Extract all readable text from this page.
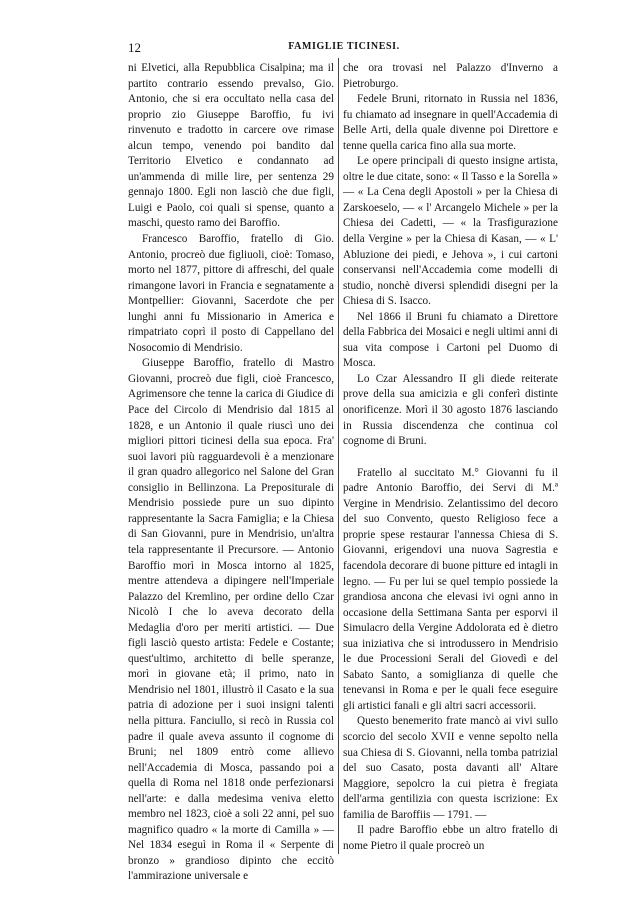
12	FAMIGLIE TICINESI.

ni Elvetici, alla Repubblica Cisalpina; ma il partito contrario essendo prevalso, Gio. Antonio, che si era occultato nella casa del proprio zio Giuseppe Baroffio, fu ivi rinvenuto e tradotto in carcere ove rimase alcun tempo, venendo poi bandito dal Territorio Elvetico e condannato ad un'ammenda di mille lire, per sentenza 29 gennajo 1800. Egli non lasciò che due figli, Luigi e Paolo, coi quali si spense, quanto a maschi, questo ramo dei Baroffio.

Francesco Baroffio, fratello di Gio. Antonio, procreò due figliuoli, cioè: Tomaso, morto nel 1877, pittore di affreschi, del quale rimangone lavori in Francia e segnatamente a Montpellier: Giovanni, Sacerdote che per lunghi anni fu Missionario in America e rimpatriato coprì il posto di Cappellano del Nosocomio di Mendrisio.

Giuseppe Baroffio, fratello di Mastro Giovanni, procreò due figli, cioè Francesco, Agrimensore che tenne la carica di Giudice di Pace del Circolo di Mendrisio dal 1815 al 1828, e un Antonio il quale riuscì uno dei migliori pittori ticinesi della sua epoca. Fra' suoi lavori più ragguardevoli è a menzionare il gran quadro allegorico nel Salone del Gran consiglio in Bellinzona. La Prepositurale di Mendrisio possiede pure un suo dipinto rappresentante la Sacra Famiglia; e la Chiesa di San Giovanni, pure in Mendrisio, un'altra tela rappresentante il Precursore. — Antonio Baroffio morì in Mosca intorno al 1825, mentre attendeva a dipingere nell'Imperiale Palazzo del Kremlino, per ordine dello Czar Nicolò I che lo aveva decorato della Medaglia d'oro per meriti artistici. — Due figli lasciò questo artista: Fedele e Costante; quest'ultimo, architetto di belle speranze, morì in giovane età; il primo, nato in Mendrisio nel 1801, illustrò il Casato e la sua patria di adozione per i suoi insigni talenti nella pittura. Fanciullo, si recò in Russia col padre il quale aveva assunto il cognome di Bruni; nel 1809 entrò come allievo nell'Accademia di Mosca, passando poi a quella di Roma nel 1818 onde perfezionarsi nell'arte: e dalla medesima veniva eletto membro nel 1823, cioè a soli 22 anni, pel suo magnifico quadro « la morte di Camilla » — Nel 1834 eseguì in Roma il « Serpente di bronzo » grandioso dipinto che eccitò l'ammirazione universale e

che ora trovasi nel Palazzo d'Inverno a Pietroburgo.

Fedele Bruni, ritornato in Russia nel 1836, fu chiamato ad insegnare in quell'Accademia di Belle Arti, della quale divenne poi Direttore e tenne quella carica fino alla sua morte.

Le opere principali di questo insigne artista, oltre le due citate, sono: « Il Tasso e la Sorella » — « La Cena degli Apostoli » per la Chiesa di Zarskoeselo, — « l' Arcangelo Michele » per la Chiesa dei Cadetti, — « la Trasfigurazione della Vergine » per la Chiesa di Kasan, — « L' Abluzione dei piedi, e Jehova », i cui cartoni conservansi nell'Accademia come modelli di studio, nonchè diversi splendidi disegni per la Chiesa di S. Isacco.

Nel 1866 il Bruni fu chiamato a Direttore della Fabbrica dei Mosaici e negli ultimi anni di sua vita compose i Cartoni pel Duomo di Mosca.

Lo Czar Alessandro II gli diede reiterate prove della sua amicizia e gli conferì distinte onorificenze. Morì il 30 agosto 1876 lasciando in Russia discendenza che continua col cognome di Bruni.

Fratello al succitato M.° Giovanni fu il padre Antonio Baroffio, dei Servi di M.ª Vergine in Mendrisio. Zelantissimo del decoro del suo Convento, questo Religioso fece a proprie spese restaurar l'annessa Chiesa di S. Giovanni, erigendovi una nuova Sagrestia e facendola decorare di buone pitture ed intagli in legno. — Fu per lui se quel tempio possiede la grandiosa ancona che elevasi ivi ogni anno in occasione della Settimana Santa per esporvi il Simulacro della Vergine Addolorata ed è dietro sua iniziativa che si introdussero in Mendrisio le due Processioni Serali del Giovedì e del Sabato Santo, a somiglianza di quelle che tenevansi in Roma e per le quali fece eseguire gli artistici fanali e gli altri sacri accessorii.

Questo benemerito frate mancò ai vivi sullo scorcio del secolo XVII e venne sepolto nella sua Chiesa di S. Giovanni, nella tomba patrizial del suo Casato, posta davanti all' Altare Maggiore, sepolcro la cui pietra è fregiata dell'arma gentilizia con questa iscrizione: Ex familia de Baroffiis — 1791. —

Il padre Baroffio ebbe un altro fratello di nome Pietro il quale procreò un
